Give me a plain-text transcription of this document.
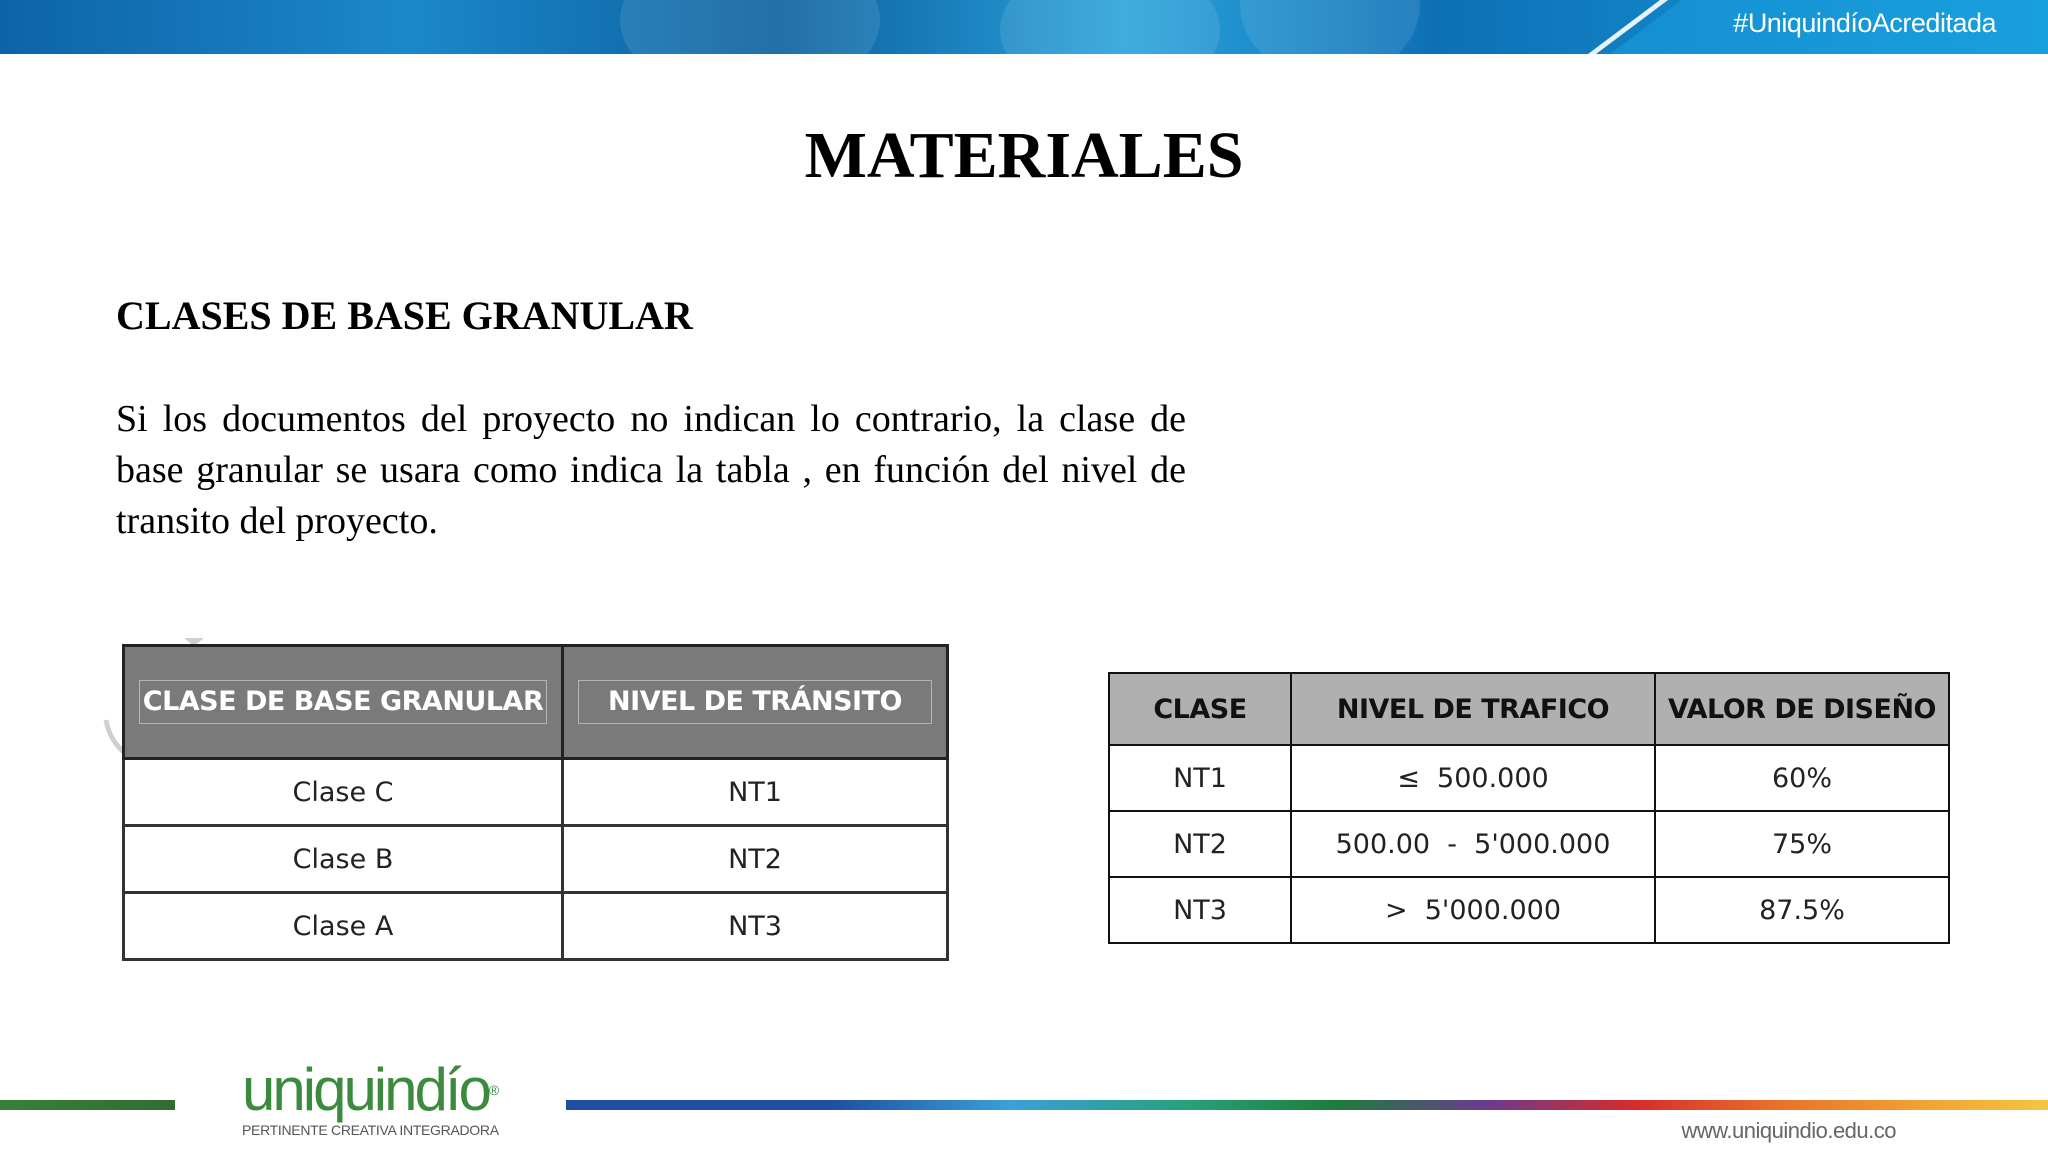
#UniquindíoAcreditada
MATERIALES
CLASES DE BASE GRANULAR
Si los documentos del proyecto no indican lo contrario, la clase de base granular se usara como indica la tabla , en función del nivel de transito del proyecto.
CLASE DE BASE GRANULAR	NIVEL DE TRÁNSITO

Clase C	NT1
Clase B	NT2
Clase A	NT3
CLASE	NIVEL DE TRAFICO	VALOR DE DISEÑO
NT1	≤  500.000	60%
NT2	500.00  -  5'000.000	75%
NT3	>  5'000.000	87.5%
uniquindío®
PERTINENTE CREATIVA INTEGRADORA	www.uniquindio.edu.co
